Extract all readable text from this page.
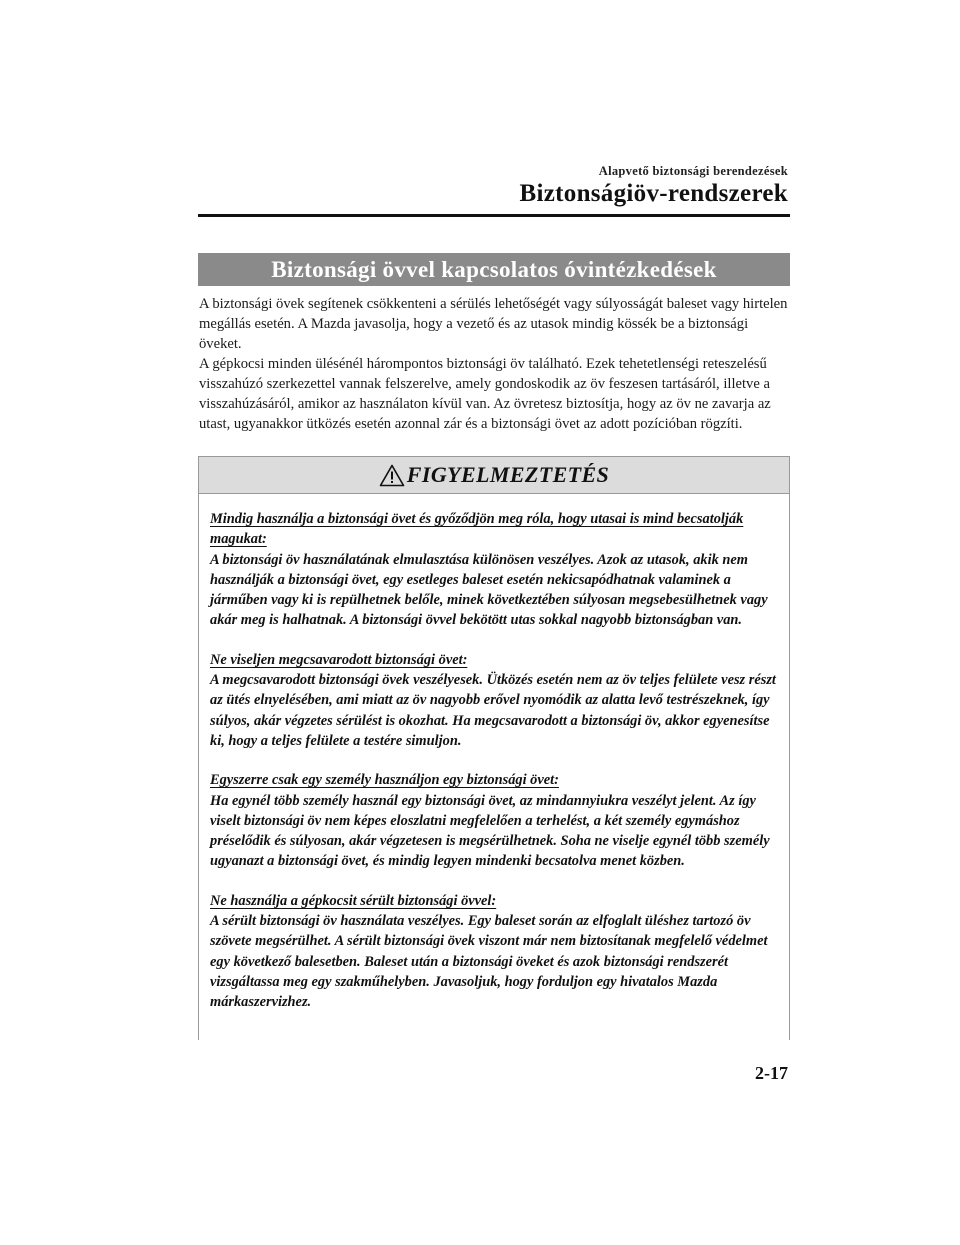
Alapvető biztonsági berendezések
Biztonságiöv-rendszerek
Biztonsági övvel kapcsolatos óvintézkedések

A biztonsági övek segítenek csökkenteni a sérülés lehetőségét vagy súlyosságát baleset vagy hirtelen megállás esetén. A Mazda javasolja, hogy a vezető és az utasok mindig kössék be a biztonsági öveket.

A gépkocsi minden ülésénél hárompontos biztonsági öv található. Ezek tehetetlenségi reteszelésű visszahúzó szerkezettel vannak felszerelve, amely gondoskodik az öv feszesen tartásáról, illetve a visszahúzásáról, amikor az használaton kívül van. Az övretesz biztosítja, hogy az öv ne zavarja az utast, ugyanakkor ütközés esetén azonnal zár és a biztonsági övet az adott pozícióban rögzíti.

FIGYELMEZTETÉS
Mindig használja a biztonsági övet és győződjön meg róla, hogy utasai is mind becsatolják magukat:

A biztonsági öv használatának elmulasztása különösen veszélyes. Azok az utasok, akik nem használják a biztonsági övet, egy esetleges baleset esetén nekicsapódhatnak valaminek a járműben vagy ki is repülhetnek belőle, minek következtében súlyosan megsebesülhetnek vagy akár meg is halhatnak. A biztonsági övvel bekötött utas sokkal nagyobb biztonságban van.

Ne viseljen megcsavarodott biztonsági övet:

A megcsavarodott biztonsági övek veszélyesek. Ütközés esetén nem az öv teljes felülete vesz részt az ütés elnyelésében, ami miatt az öv nagyobb erővel nyomódik az alatta levő testrészeknek, így súlyos, akár végzetes sérülést is okozhat. Ha megcsavarodott a biztonsági öv, akkor egyenesítse ki, hogy a teljes felülete a testére simuljon.

Egyszerre csak egy személy használjon egy biztonsági övet:

Ha egynél több személy használ egy biztonsági övet, az mindannyiukra veszélyt jelent. Az így viselt biztonsági öv nem képes eloszlatni megfelelően a terhelést, a két személy egymáshoz préselődik és súlyosan, akár végzetesen is megsérülhetnek. Soha ne viselje egynél több személy ugyanazt a biztonsági övet, és mindig legyen mindenki becsatolva menet közben.

Ne használja a gépkocsit sérült biztonsági övvel:

A sérült biztonsági öv használata veszélyes. Egy baleset során az elfoglalt üléshez tartozó öv szövete megsérülhet. A sérült biztonsági övek viszont már nem biztosítanak megfelelő védelmet egy következő balesetben. Baleset után a biztonsági öveket és azok biztonsági rendszerét vizsgáltassa meg egy szakműhelyben. Javasoljuk, hogy forduljon egy hivatalos Mazda márkaszervizhez.

2-17
